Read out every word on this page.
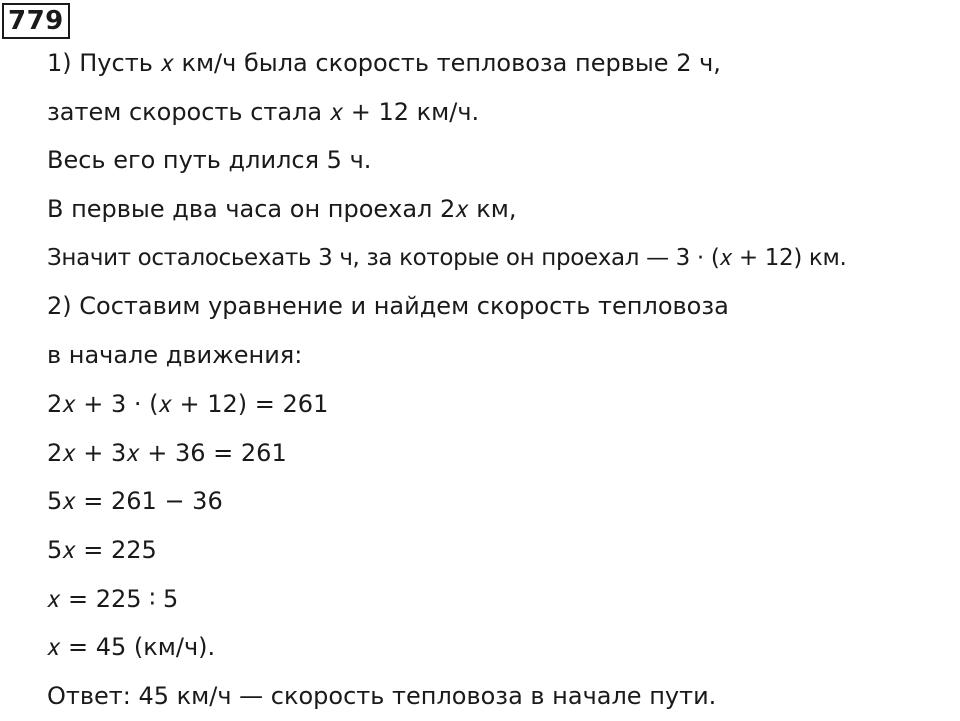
779
1) Пусть 𝑥 км/ч была скорость тепловоза первые 2 ч,
затем скорость стала 𝑥 + 12 км/ч.
Весь его путь длился 5 ч.
В первые два часа он проехал 2𝑥 км,
Значит осталосьехать 3 ч, за которые он проехал — 3 ⋅ (𝑥 + 12) км.
2) Составим уравнение и найдем скорость тепловоза
в начале движения:
2𝑥 + 3 ⋅ (𝑥 + 12) = 261
2𝑥 + 3𝑥 + 36 = 261
5𝑥 = 261 − 36
5𝑥 = 225
𝑥 = 225 ∶ 5
𝑥 = 45 (км/ч).
Ответ: 45 км/ч — скорость тепловоза в начале пути.
